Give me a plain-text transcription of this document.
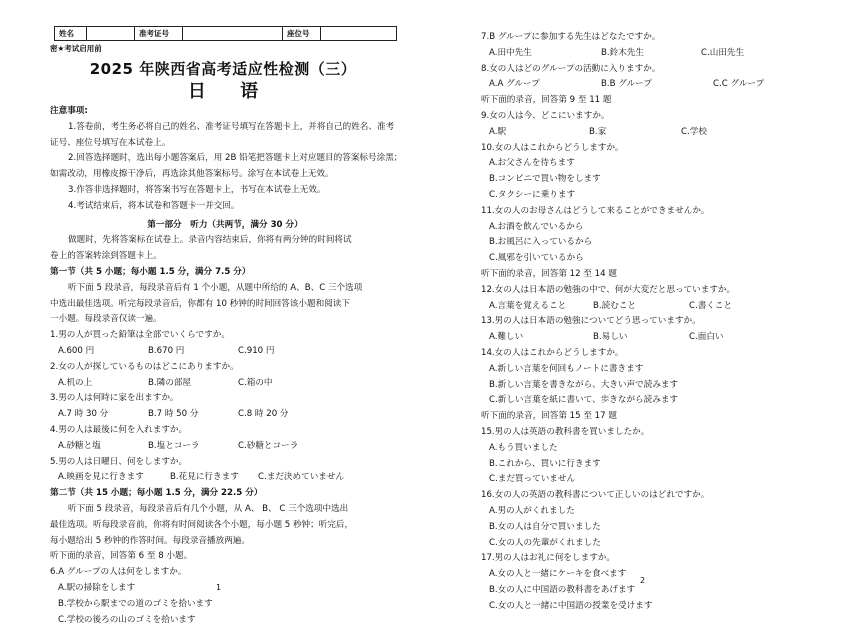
姓名		准考证号		座位号	
密★考试启用前
2025 年陕西省高考适应性检测（三）
日 语
注意事项:
1.答卷前，考生务必将自己的姓名、准考证号填写在答题卡上，并将自己的姓名、准考
证号、座位号填写在本试卷上。
2.回答选择题时，选出每小题答案后，用 2B 铅笔把答题卡上对应题目的答案标号涂黑；
如需改动，用橡皮擦干净后，再选涂其他答案标号。涂写在本试卷上无效。
3.作答非选择题时，将答案书写在答题卡上，书写在本试卷上无效。
4.考试结束后，将本试卷和答题卡一并交回。
第一部分　听力（共两节，满分 30 分）
做题时，先将答案标在试卷上。录音内容结束后，你将有两分钟的时间将试
卷上的答案转涂到答题卡上。
第一节（共 5 小题；每小题 1.5 分，满分 7.5 分）
听下面 5 段录音，每段录音后有 1 个小题，从题中所给的 A、B、C 三个选项
中选出最佳选项。听完每段录音后，你都有 10 秒钟的时间回答该小题和阅读下
一小题。每段录音仅读一遍。
1.男の人が買った鉛筆は全部でいくらですか。
A.600 円	B.670 円	C.910 円
2.女の人が探しているものはどこにありますか。
A.机の上	B.隣の部屋	C.箱の中
3.男の人は何時に家を出ますか。
A.7 時 30 分	B.7 時 50 分	C.8 時 20 分
4.男の人は最後に何を入れますか。
A.砂糖と塩	B.塩とコーラ	C.砂糖とコーラ
5.男の人は日曜日、何をしますか。
A.映画を見に行きます	B.花見に行きます	C.まだ決めていません
第二节（共 15 小题；每小题 1.5 分，满分 22.5 分）
听下面 5 段录音，每段录音后有几个小题，从 A、 B、 C 三个选项中选出
最佳选项。听每段录音前，你将有时间阅读各个小题，每小题 5 秒钟；听完后，
每小题给出 5 秒钟的作答时间。每段录音播放两遍。
听下面的录音，回答第 6 至 8 小题。
6.A グループの人は何をしますか。
A.駅の掃除をします
B.学校から駅までの道のゴミを拾います
C.学校の後ろの山のゴミを拾います
1
7.B グループに参加する先生はどなたですか。
A.田中先生	B.鈴木先生	C.山田先生
8.女の人はどのグループの活動に入りますか。
A.A グループ	B.B グループ	C.C グループ
听下面的录音，回答第 9 至 11 题
9.女の人は今、どこにいますか。
A.駅	B.家	C.学校
10.女の人はこれからどうしますか。
A.お父さんを待ちます
B.コンビニで買い物をします
C.タクシーに乗ります
11.女の人のお母さんはどうして来ることができませんか。
A.お酒を飲んでいるから
B.お風呂に入っているから
C.風邪を引いているから
听下面的录音，回答第 12 至 14 题
12.女の人は日本語の勉強の中で、何が大変だと思っていますか。
A.言葉を覚えること	B.読むこと	C.書くこと
13.男の人は日本語の勉強についてどう思っていますか。
A.難しい	B.易しい	C.面白い
14.女の人はこれからどうしますか。
A.新しい言葉を何回もノートに書きます
B.新しい言葉を書きながら、大きい声で読みます
C.新しい言葉を紙に書いて、歩きながら読みます
听下面的录音，回答第 15 至 17 题
15.男の人は英語の教科書を買いましたか。
A.もう買いました
B.これから、買いに行きます
C.まだ買っていません
16.女の人の英語の教科書について正しいのはどれですか。
A.男の人がくれました
B.女の人は自分で買いました
C.女の人の先輩がくれました
17.男の人はお礼に何をしますか。
A.女の人と一緒にケーキを食べます
B.女の人に中国語の教科書をあげます
C.女の人と一緒に中国語の授業を受けます
2
